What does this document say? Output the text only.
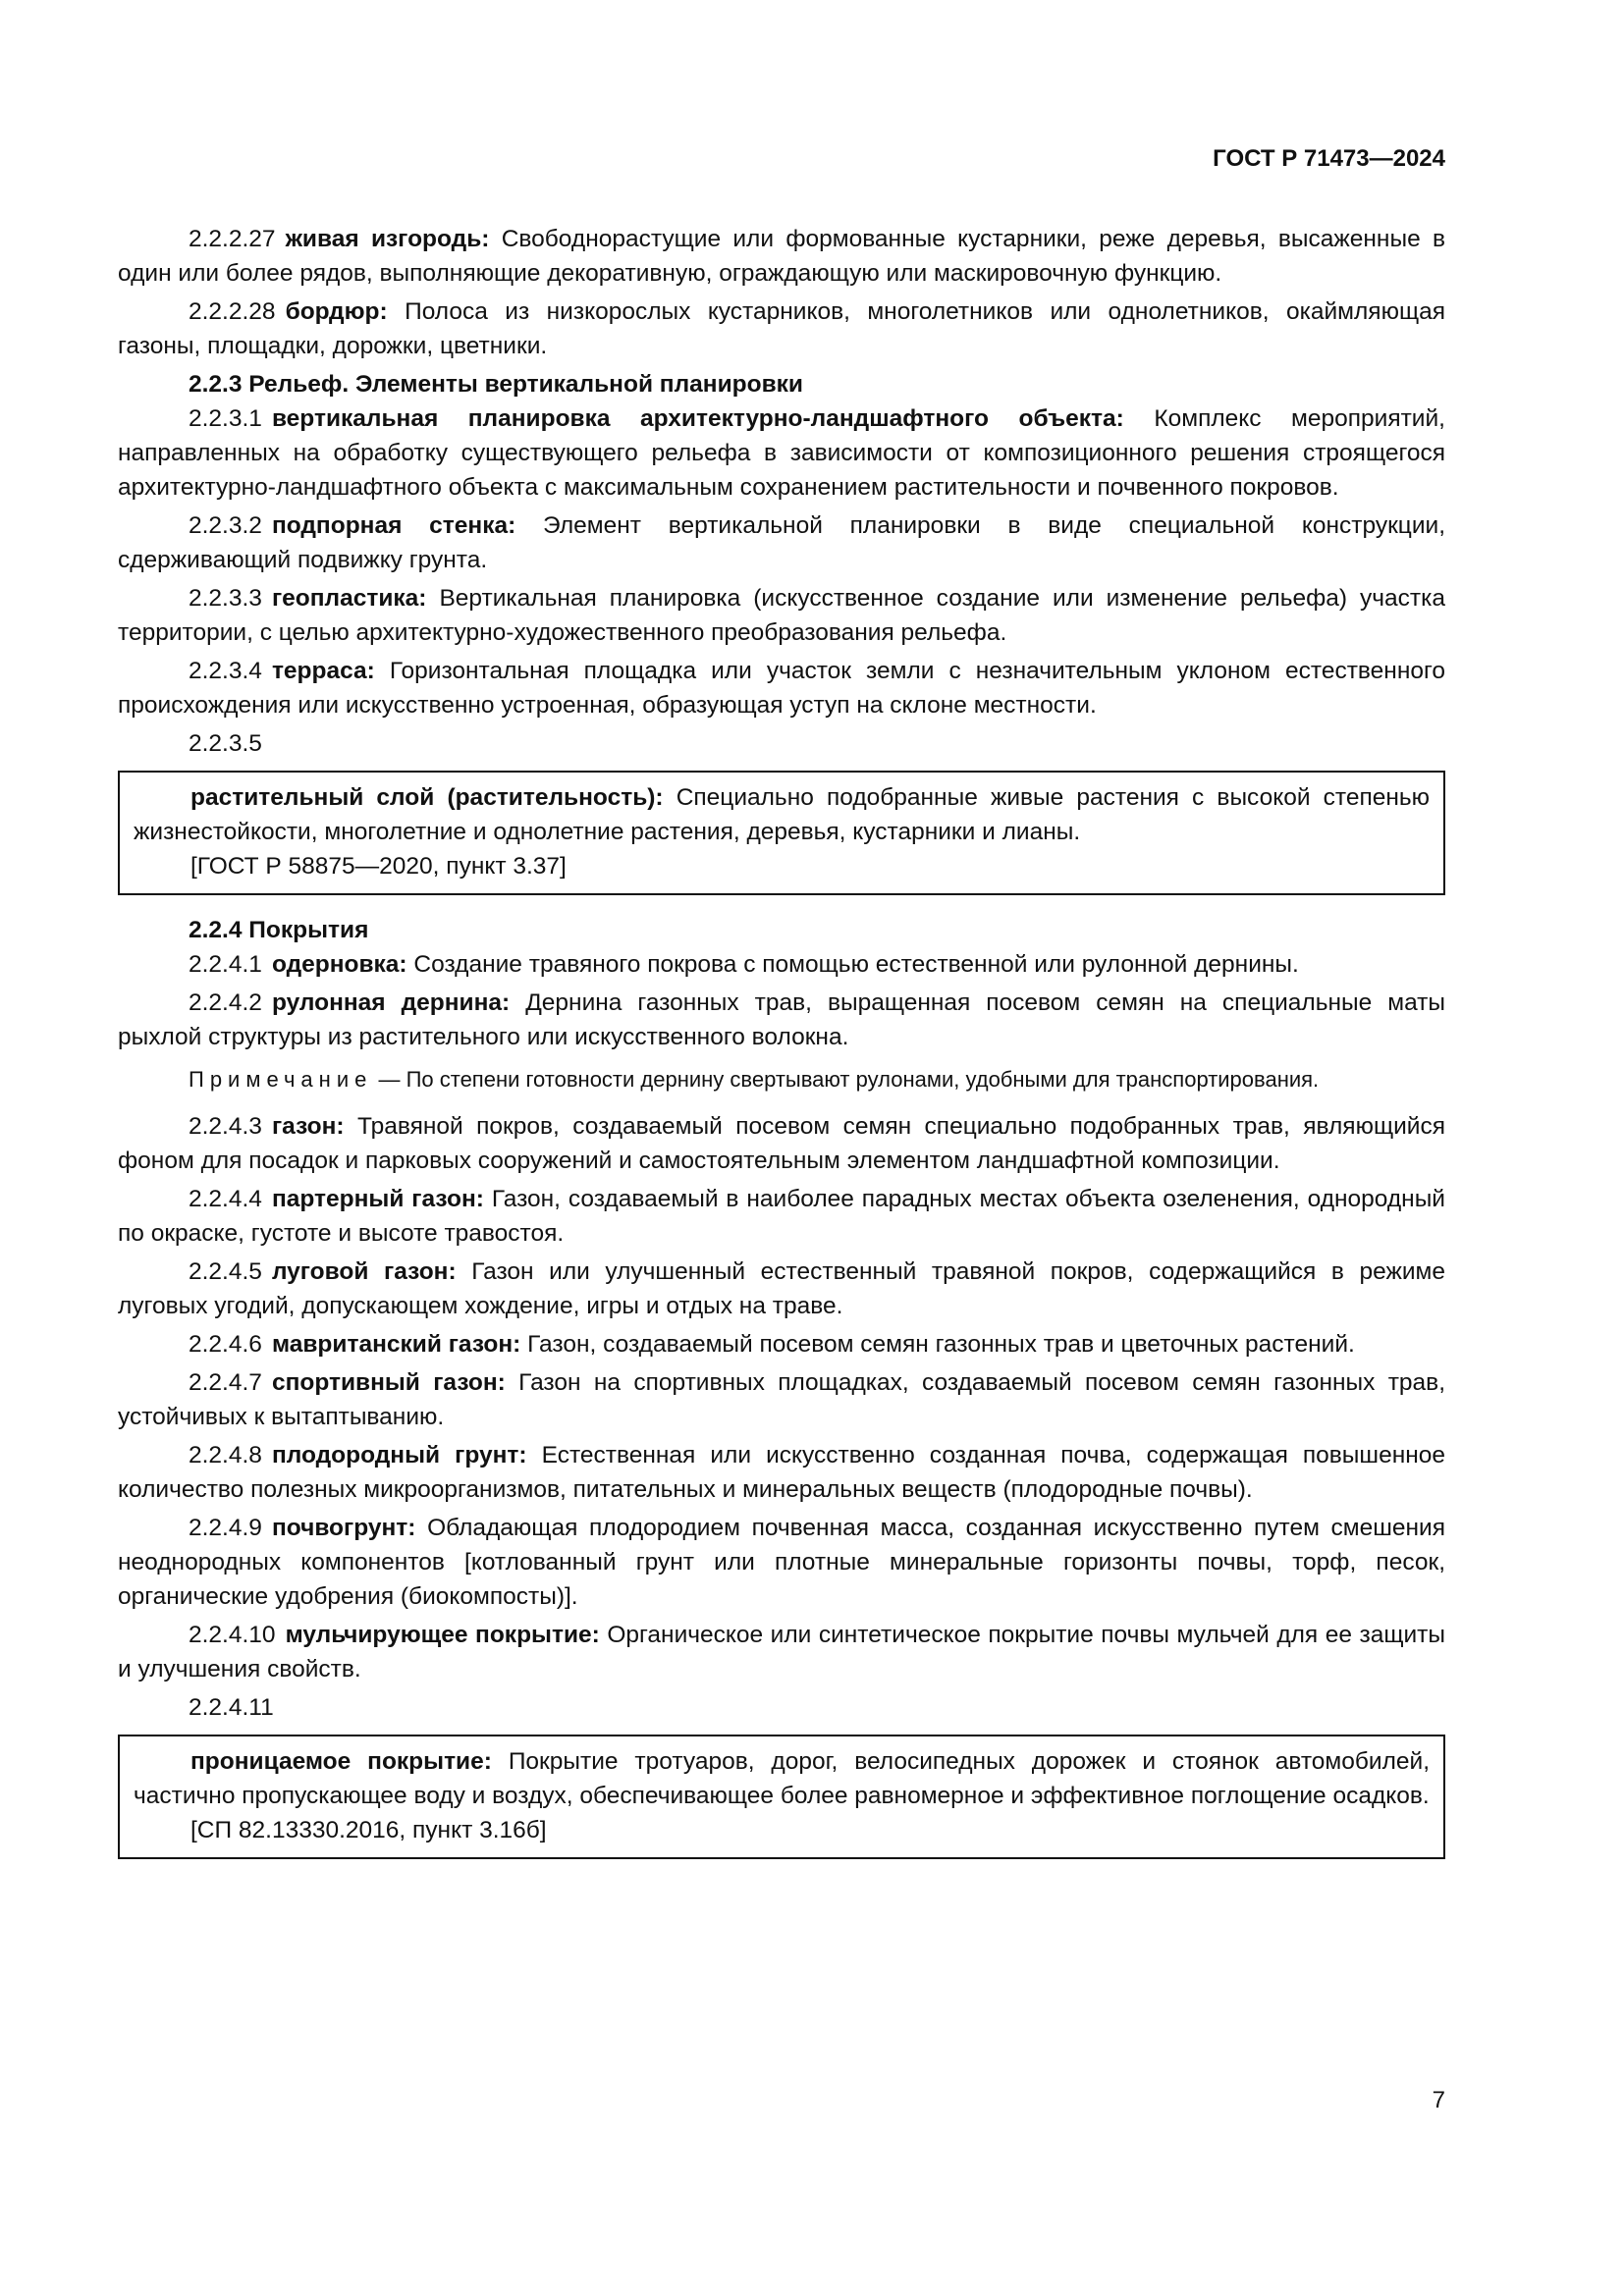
ГОСТ Р 71473—2024
2.2.2.27 живая изгородь: Свободнорастущие или формованные кустарники, реже деревья, высаженные в один или более рядов, выполняющие декоративную, ограждающую или маскировочную функцию.
2.2.2.28 бордюр: Полоса из низкорослых кустарников, многолетников или однолетников, окаймляющая газоны, площадки, дорожки, цветники.
2.2.3 Рельеф. Элементы вертикальной планировки
2.2.3.1 вертикальная планировка архитектурно-ландшафтного объекта: Комплекс мероприятий, направленных на обработку существующего рельефа в зависимости от композиционного решения строящегося архитектурно-ландшафтного объекта с максимальным сохранением растительности и почвенного покровов.
2.2.3.2 подпорная стенка: Элемент вертикальной планировки в виде специальной конструкции, сдерживающий подвижку грунта.
2.2.3.3 геопластика: Вертикальная планировка (искусственное создание или изменение рельефа) участка территории, с целью архитектурно-художественного преобразования рельефа.
2.2.3.4 терраса: Горизонтальная площадка или участок земли с незначительным уклоном естественного происхождения или искусственно устроенная, образующая уступ на склоне местности.
2.2.3.5
растительный слой (растительность): Специально подобранные живые растения с высокой степенью жизнестойкости, многолетние и однолетние растения, деревья, кустарники и лианы.
[ГОСТ Р 58875—2020, пункт 3.37]
2.2.4 Покрытия
2.2.4.1 одерновка: Создание травяного покрова с помощью естественной или рулонной дернины.
2.2.4.2 рулонная дернина: Дернина газонных трав, выращенная посевом семян на специальные маты рыхлой структуры из растительного или искусственного волокна.
Примечание — По степени готовности дернину свертывают рулонами, удобными для транспортирования.
2.2.4.3 газон: Травяной покров, создаваемый посевом семян специально подобранных трав, являющийся фоном для посадок и парковых сооружений и самостоятельным элементом ландшафтной композиции.
2.2.4.4 партерный газон: Газон, создаваемый в наиболее парадных местах объекта озеленения, однородный по окраске, густоте и высоте травостоя.
2.2.4.5 луговой газон: Газон или улучшенный естественный травяной покров, содержащийся в режиме луговых угодий, допускающем хождение, игры и отдых на траве.
2.2.4.6 мавританский газон: Газон, создаваемый посевом семян газонных трав и цветочных растений.
2.2.4.7 спортивный газон: Газон на спортивных площадках, создаваемый посевом семян газонных трав, устойчивых к вытаптыванию.
2.2.4.8 плодородный грунт: Естественная или искусственно созданная почва, содержащая повышенное количество полезных микроорганизмов, питательных и минеральных веществ (плодородные почвы).
2.2.4.9 почвогрунт: Обладающая плодородием почвенная масса, созданная искусственно путем смешения неоднородных компонентов [котлованный грунт или плотные минеральные горизонты почвы, торф, песок, органические удобрения (биокомпосты)].
2.2.4.10 мульчирующее покрытие: Органическое или синтетическое покрытие почвы мульчей для ее защиты и улучшения свойств.
2.2.4.11
проницаемое покрытие: Покрытие тротуаров, дорог, велосипедных дорожек и стоянок автомобилей, частично пропускающее воду и воздух, обеспечивающее более равномерное и эффективное поглощение осадков.
[СП 82.13330.2016, пункт 3.16б]
7
